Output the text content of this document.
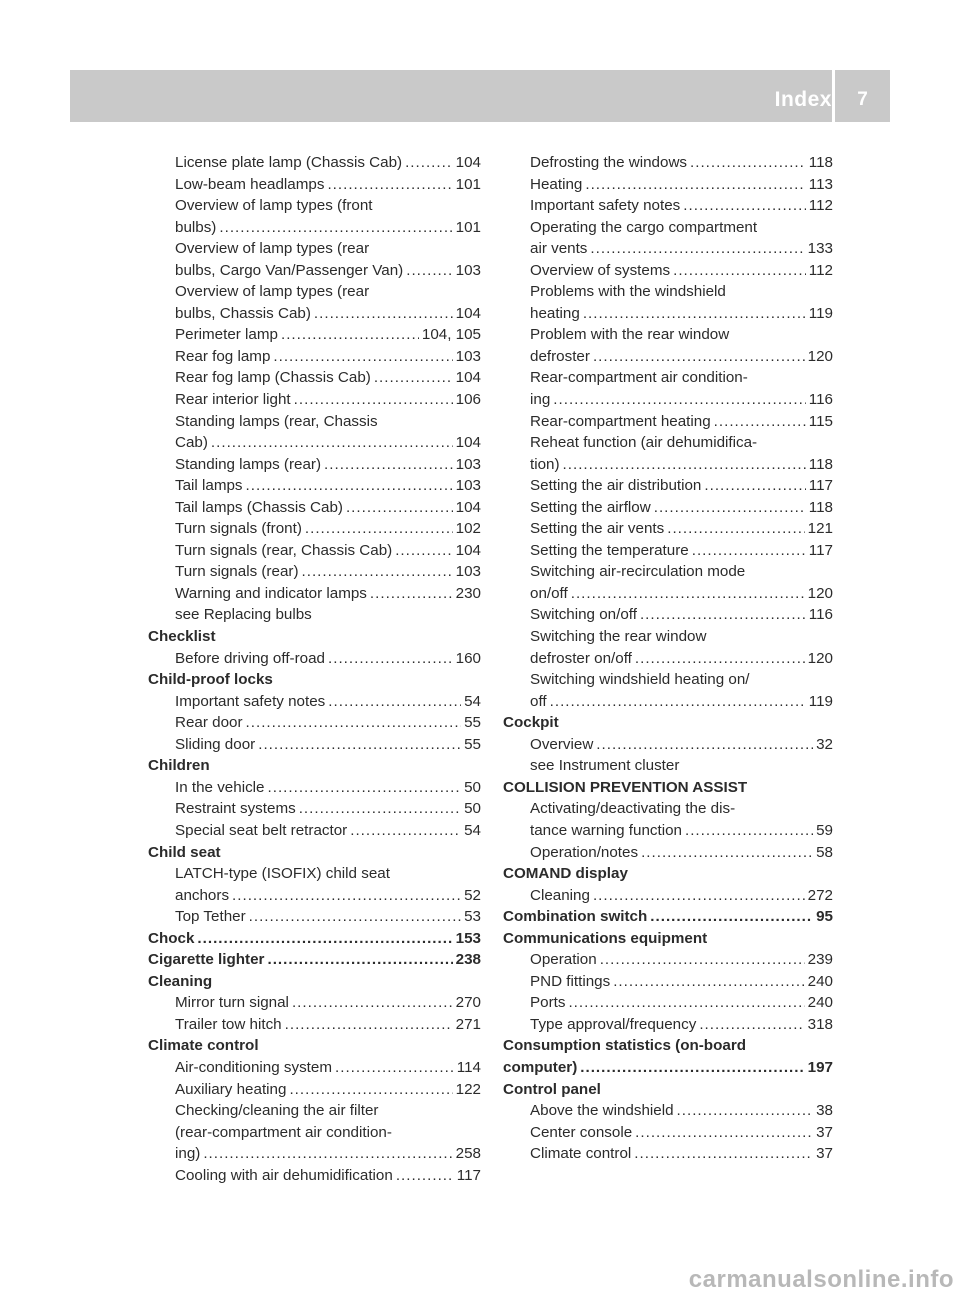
Index	7
License plate lamp (Chassis Cab) .....	104
Low-beam headlamps .....	101
Overview of lamp types (front
bulbs) .....	101
Overview of lamp types (rear
bulbs, Cargo Van/Passenger Van) .....	103
Overview of lamp types (rear
bulbs, Chassis Cab) .....	104
Perimeter lamp .....	104, 105
Rear fog lamp .....	103
Rear fog lamp (Chassis Cab) .....	104
Rear interior light .....	106
Standing lamps (rear, Chassis
Cab) .....	104
Standing lamps (rear) .....	103
Tail lamps .....	103
Tail lamps (Chassis Cab) .....	104
Turn signals (front) .....	102
Turn signals (rear, Chassis Cab) .....	104
Turn signals (rear) .....	103
Warning and indicator lamps .....	230
see Replacing bulbs
Checklist
Before driving off-road .....	160
Child-proof locks
Important safety notes .....	54
Rear door .....	55
Sliding door .....	55
Children
In the vehicle .....	50
Restraint systems .....	50
Special seat belt retractor .....	54
Child seat
LATCH-type (ISOFIX) child seat
anchors .....	52
Top Tether .....	53
Chock .....	153
Cigarette lighter .....	238
Cleaning
Mirror turn signal .....	270
Trailer tow hitch .....	271
Climate control
Air-conditioning system .....	114
Auxiliary heating .....	122
Checking/cleaning the air filter
(rear-compartment air condition-
ing) .....	258
Cooling with air dehumidification .....	117
Defrosting the windows .....	118
Heating .....	113
Important safety notes .....	112
Operating the cargo compartment
air vents .....	133
Overview of systems .....	112
Problems with the windshield
heating .....	119
Problem with the rear window
defroster .....	120
Rear-compartment air condition-
ing .....	116
Rear-compartment heating .....	115
Reheat function (air dehumidifica-
tion) .....	118
Setting the air distribution .....	117
Setting the airflow .....	118
Setting the air vents .....	121
Setting the temperature .....	117
Switching air-recirculation mode
on/off .....	120
Switching on/off .....	116
Switching the rear window
defroster on/off .....	120
Switching windshield heating on/
off .....	119
Cockpit
Overview .....	32
see Instrument cluster
COLLISION PREVENTION ASSIST
Activating/deactivating the dis-
tance warning function .....	59
Operation/notes .....	58
COMAND display
Cleaning .....	272
Combination switch .....	95
Communications equipment
Operation .....	239
PND fittings .....	240
Ports .....	240
Type approval/frequency .....	318
Consumption statistics (on-board
computer) .....	197
Control panel
Above the windshield .....	38
Center console .....	37
Climate control .....	37
carmanualsonline.info
